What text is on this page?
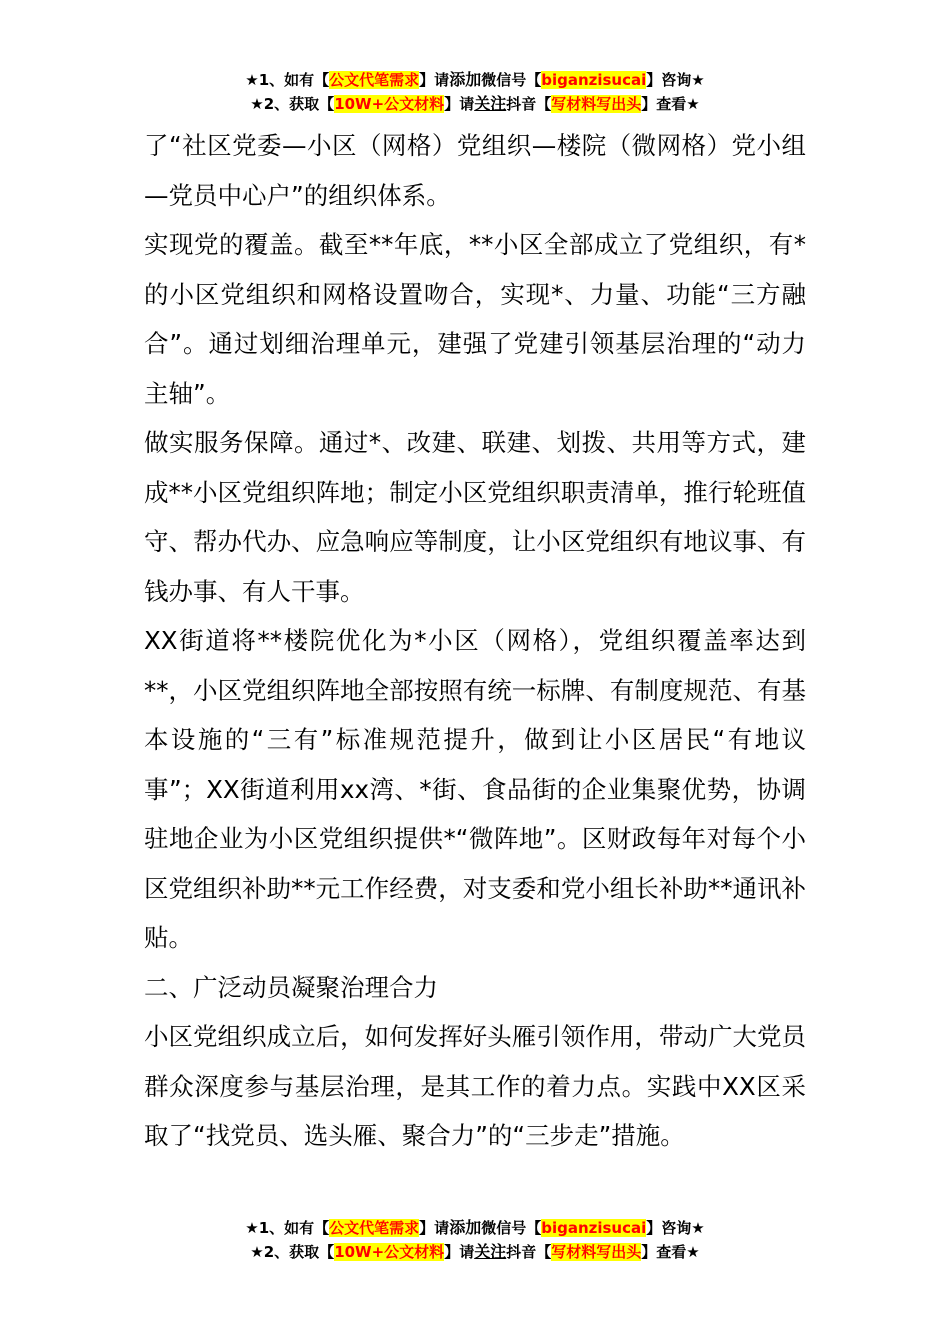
★1、如有【公文代笔需求】请添加微信号【biganzisucai】咨询★
★2、获取【10W+公文材料】请关注抖音【写材料写出头】查看★

了“社区党委—小区（网格）党组织—楼院（微网格）党小组—党员中心户”的组织体系。

实现党的覆盖。截至**年底，**小区全部成立了党组织，有*的小区党组织和网格设置吻合，实现*、力量、功能“三方融合”。通过划细治理单元，建强了党建引领基层治理的“动力主轴”。

做实服务保障。通过*、改建、联建、划拨、共用等方式，建成**小区党组织阵地；制定小区党组织职责清单，推行轮班值守、帮办代办、应急响应等制度，让小区党组织有地议事、有钱办事、有人干事。

XX街道将**楼院优化为*小区（网格），党组织覆盖率达到**，小区党组织阵地全部按照有统一标牌、有制度规范、有基本设施的“三有”标准规范提升，做到让小区居民“有地议事”；XX街道利用xx湾、*街、食品街的企业集聚优势，协调驻地企业为小区党组织提供*“微阵地”。区财政每年对每个小区党组织补助**元工作经费，对支委和党小组长补助**通讯补贴。

二、广泛动员凝聚治理合力

小区党组织成立后，如何发挥好头雁引领作用，带动广大党员群众深度参与基层治理，是其工作的着力点。实践中XX区采取了“找党员、选头雁、聚合力”的“三步走”措施。

★1、如有【公文代笔需求】请添加微信号【biganzisucai】咨询★
★2、获取【10W+公文材料】请关注抖音【写材料写出头】查看★
